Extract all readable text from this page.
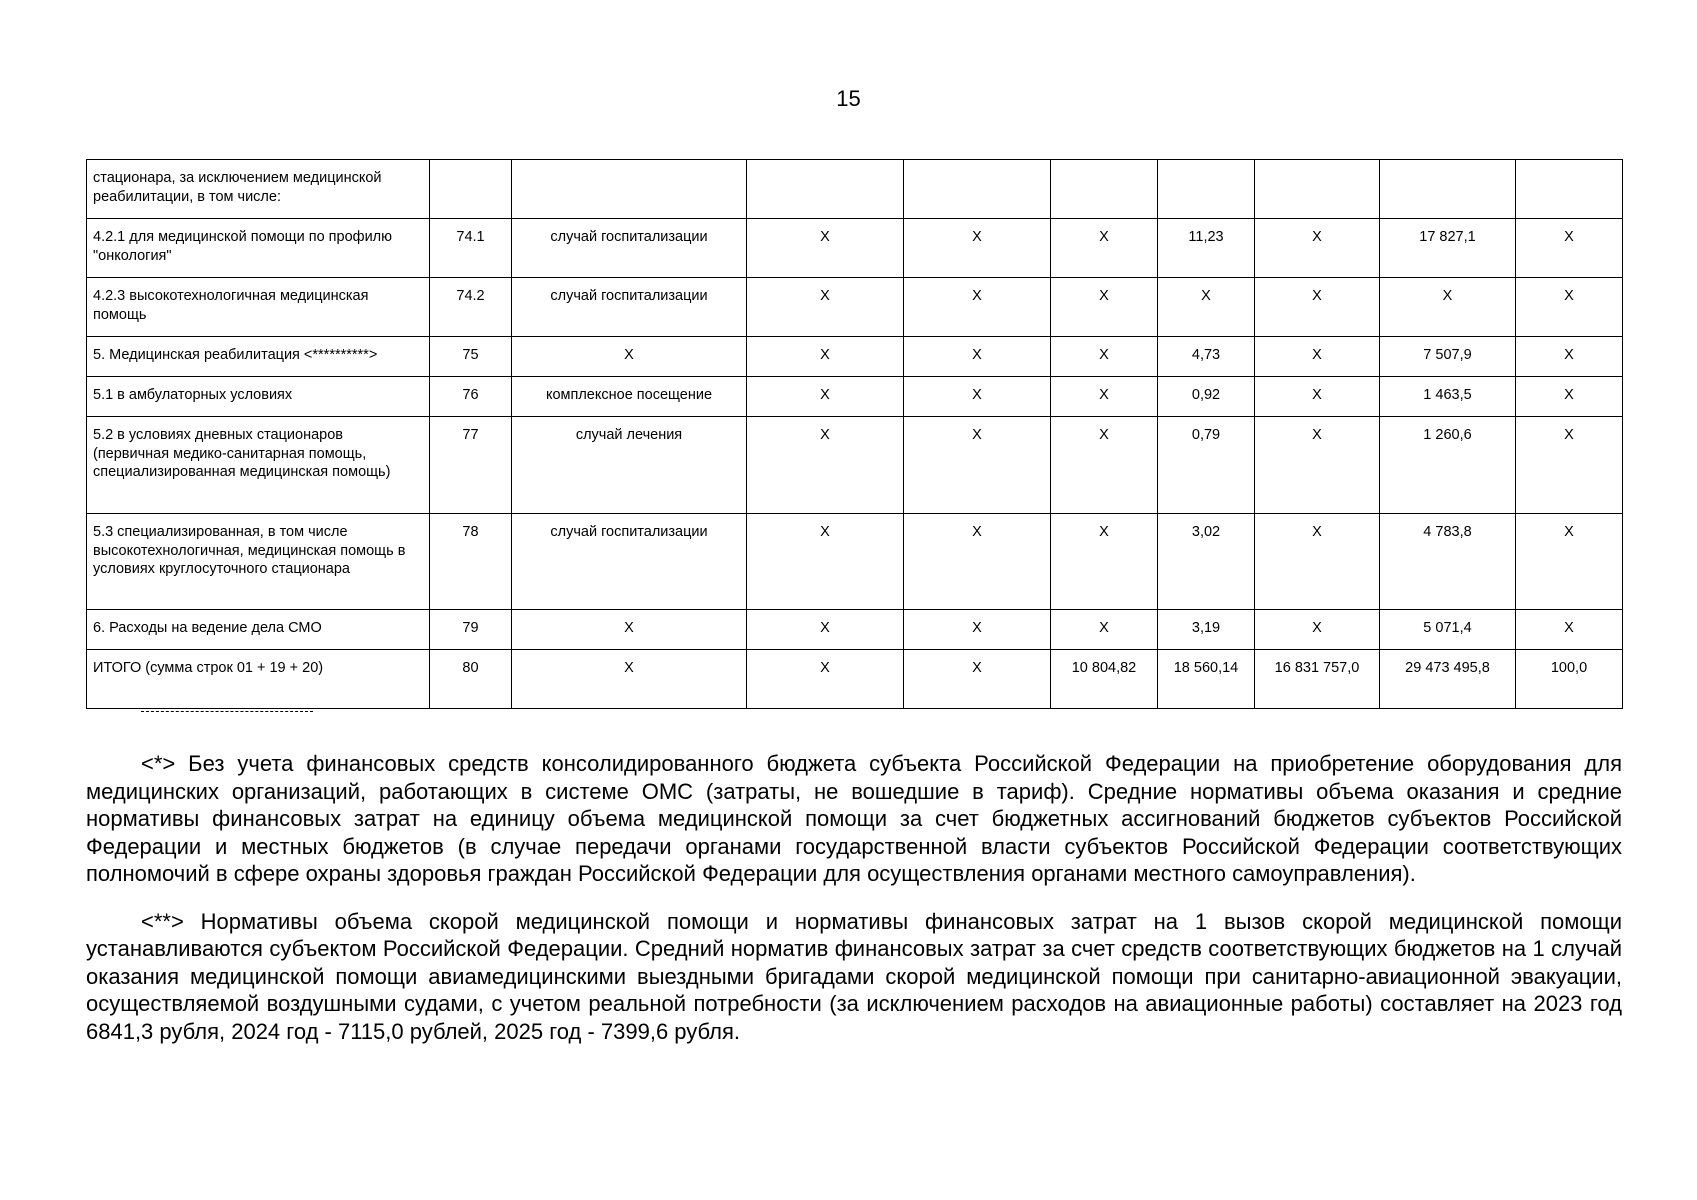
15
стационара, за исключением медицинской реабилитации, в том числе:									
4.2.1 для медицинской помощи по профилю "онкология"	74.1	случай госпитализации	X	X	X	11,23	X	17 827,1	X
4.2.3 высокотехнологичная медицинская помощь	74.2	случай госпитализации	X	X	X	X	X	X	X
5. Медицинская реабилитация <**********>	75	X	X	X	X	4,73	X	7 507,9	X
5.1 в амбулаторных условиях	76	комплексное посещение	X	X	X	0,92	X	1 463,5	X
5.2 в условиях дневных стационаров (первичная медико-санитарная помощь, специализированная медицинская помощь)	77	случай лечения	X	X	X	0,79	X	1 260,6	X
5.3 специализированная, в том числе высокотехнологичная, медицинская помощь в условиях круглосуточного стационара	78	случай госпитализации	X	X	X	3,02	X	4 783,8	X
6. Расходы на ведение дела СМО	79	X	X	X	X	3,19	X	5 071,4	X
ИТОГО (сумма строк 01 + 19 + 20)	80	X	X	X	10 804,82	18 560,14	16 831 757,0	29 473 495,8	100,0

<*> Без учета финансовых средств консолидированного бюджета субъекта Российской Федерации на приобретение оборудования для медицинских организаций, работающих в системе ОМС (затраты, не вошедшие в тариф). Средние нормативы объема оказания и средние нормативы финансовых затрат на единицу объема медицинской помощи за счет бюджетных ассигнований бюджетов субъектов Российской Федерации и местных бюджетов (в случае передачи органами государственной власти субъектов Российской Федерации соответствующих полномочий в сфере охраны здоровья граждан Российской Федерации для осуществления органами местного самоуправления).

<**> Нормативы объема скорой медицинской помощи и нормативы финансовых затрат на 1 вызов скорой медицинской помощи устанавливаются субъектом Российской Федерации. Средний норматив финансовых затрат за счет средств соответствующих бюджетов на 1 случай оказания медицинской помощи авиамедицинскими выездными бригадами скорой медицинской помощи при санитарно-авиационной эвакуации, осуществляемой воздушными судами, с учетом реальной потребности (за исключением расходов на авиационные работы) составляет на 2023 год 6841,3 рубля, 2024 год - 7115,0 рублей, 2025 год - 7399,6 рубля.
